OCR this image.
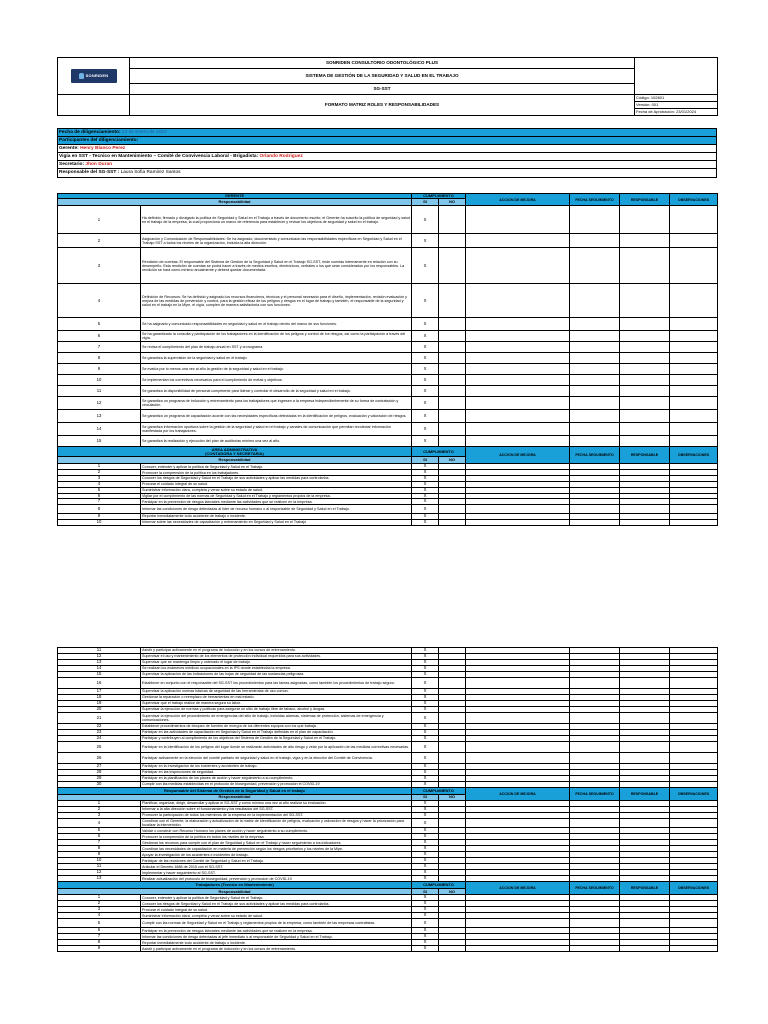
SONRIDEN	SONRIDEN CONSULTORIO ODONTOLÓGICO PLUS	
	SISTEMA DE GESTIÓN DE LA SEGURIDAD Y SALUD EN EL TRABAJO	
	SG-SST	
	FORMATO MATRIZ ROLES Y RESPONSABILIDADES	Código: 102601
		Versión: 001
		Fecha de Aprobación: 23/01/2024
Fecha de diligenciamiento: 23 de Enero de 2024
Participantes del diligenciamiento:
Gerente: Henry Blanco Perez
Vigía en SST - Tecnico en Mantenimiento – Comité de Convivencia Laboral - Brigadista: Orlando Rodriguez
Secretario: Jhon Duran
Responsable del SG-SST : Laura Sofia Ramirez Santos
GERENTE		CUMPLIMIENTO		ACCION DE MEJORA	FECHA SEGUIMIENTO	RESPONSABLE	OBSERVACIONES
Responsabilidad		SI	NO				
1	Ha definido, firmado y divulgado la política de Seguridad y Salud en el Trabajo a través de documento escrito, el Gerente ha suscrito la política de seguridad y salud en el trabajo de la empresa, la cual proporciona un marco de referencia para establecer y revisar los objetivos de seguridad y salud en el trabajo.	X					
2	Asignación y Comunicación de Responsabilidades: Se ha asignado, documentado y comunicado las responsabilidades específicas en Seguridad y Salud en el Trabajo SST a todos los niveles de la organización, incluida la alta dirección.	X					
3	Rendición de cuentas: El responsable del Sistema de Gestión de la Seguridad y Salud en el Trabajo SG-SST, rinde cuentas internamente en relación con su desempeño. Esta rendición de cuentas se podrá hacer a través de medios escritos, electrónicos, verbales o los que sean considerados por los responsables. La rendición se hará como mínimo anualmente y deberá quedar documentada.	X					
4	Definición de Recursos: Se ha definido y asignado los recursos financieros, técnicos y el personal necesario para el diseño, implementación, revisión evaluación y mejora de las medidas de prevención y control, para la gestión eficaz de los peligros y riesgos en el lugar de trabajo y también, el responsable de la seguridad y salud en el trabajo en la Mipe, el vigía, cumplen de manera satisfactoria con sus funciones.	X					
5	Se ha asignado y comunicado responsabilidades en seguridad y salud en el trabajo dentro del marco de sus funciones.	X					
6	Se ha garantizado la consulta y participación de los trabajadores en la identificación de los peligros y control de los riesgos, así como la participación a través del vigía.	X					
7	Se revisa el cumplimiento del plan de trabajo anual en SST y cronograma.	X					
8	Se garantiza la supervisión de la seguridad y salud en el trabajo.	X					
9	Se evalúa por lo menos una vez al año la gestión de la seguridad y salud en el trabajo.	X					
10	Se implementan los correctivos necesarios para el cumplimiento de metas y objetivos.	X					
11	Se garantiza la disponibilidad de personal competente para liderar y controlar el desarrollo de la seguridad y salud en el trabajo.	X					
12	Se garantiza un programa de inducción y entrenamiento para los trabajadores que ingresen a la empresa independientemente de su forma de contratación y vinculación.	X					
13	Se garantiza un programa de capacitación acorde con las necesidades específicas detectadas en la identificación de peligros, evaluación y valoración de riesgos.	X					
14	Se garantiza información oportuna sobre la gestión de la seguridad y salud en el trabajo y canales de comunicación que permitan recolectar información manifestada por los trabajadores.	X					
15	Se garantiza la realización y ejecución del plan de auditorías mínimo una vez al año.	X					

AREA ADMINISTRATIVA
(CONTADORA Y SECRETARIA)		CUMPLIMIENTO		ACCION DE MEJORA	FECHA SEGUIMIENTO	RESPONSABLE	OBSERVACIONES
Responsabilidad		SI	NO				
1	Conocer, entender y aplicar la política de Seguridad y Salud en el Trabajo.	X					
2	Promover la comprensión de la política en los trabajadores.	X					
3	Conocer los riesgos de Seguridad y Salud en el Trabajo de sus actividades y aplicar las medidas para controlarlos.	X					
4	Procurar el cuidado integral de su salud.	X					
5	Suministrar información clara, completa y veraz sobre su estado de salud.	X					
6	Vigilar por el cumplimiento de las normas de Seguridad y Salud en el Trabajo y reglamentos propios de la empresa.	X					
7	Participar en la prevención de riesgos laborales mediante las actividades que se realicen en la empresa.	X					
8	Informar las condiciones de riesgo detectadas al líder de recurso humano o al responsable de Seguridad y Salud en el Trabajo.	X					
9	Reportar inmediatamente todo accidente de trabajo o incidente.	X					
10	Informar sobre las necesidades de capacitación y entrenamiento en Seguridad y Salud en el Trabajo	X					
11	Asistir y participar activamente en el programa de inducción y en los cursos de entrenamiento.	X					
12	Supervisar el uso y mantenimiento de los elementos de protección individual requeridos para sus actividades.	X					
13	Supervisar que se mantenga limpio y ordenado el lugar de trabajo.	X					
14	Se realizan los exámenes médicos ocupacionales en la IPS donde establecida la empresa.	X					
15	Supervisar la aplicación de las indicaciones de las hojas de seguridad de las sustancias peligrosas.	X					
16	Establecer en conjunto con el responsable del SG-SST los procedimientos para las tareas asignadas, como también los procedimientos de trabajo seguro.	X					
17	Supervisar la aplicación normas básicas de seguridad de las herramientas de uso común.	X					
18	Gestionar la reparación o reemplazo de herramientas en mal estado.	X					
19	Supervisar que el trabajo realice de manera segura su labor.	X					
20	Supervisar la ejecución de normas y políticas para asegurar un sitio de trabajo libre de tabaco, alcohol y drogas.	X					
21	Supervisar la ejecución del procedimiento de emergencias del sitio de trabajo, incluidas alarmas, sistemas de protección, sistemas de emergencia y comunicaciones.	X					
22	Establecer procedimientos de bloqueo de fuentes de energía de los diferentes equipos con los que trabaja.	X					
23	Participar en las actividades de capacitación en Seguridad y Salud en el Trabajo definidas en el plan de capacitación.	X					
24	Participar y contribuyen al cumplimiento de los objetivos del Sistema de Gestión de la Seguridad y Salud en el Trabajo.	X					
25	Participar en la identificación de los peligros del lugar donde se realizarán actividades de alto riesgo y velar por la aplicación de las medidas correctivas necesarias.	X					
26	Participar activamente en la elección del comité paritario de seguridad y salud en el trabajo, vigía y en la elección del Comité de Convivencia.	X					
27	Participar en la investigación de los incidentes y accidentes de trabajo.	X					
28	Participar en las inspecciones de seguridad.	X					
29	Participar en la planificación de los planes de acción y hacer seguimiento a su cumplimiento.	X					
30	Cumplir con las medidas establecidas en el protocolo de bioseguridad, prevención y promoción el COVID-19	X					

Responsable del Sistema de Gestión de la Seguridad y Salud en el trabajo		CUMPLIMIENTO		ACCION DE MEJORA	FECHA SEGUIMIENTO	RESPONSABLE	OBSERVACIONES
Responsabilidad		SI	NO				
1	Planificar, organizar, dirigir, desarrollar y aplicar el SG-SST y como mínimo una vez al año realizar su evaluación.	X					
2	Informar a la alta dirección sobre el funcionamiento y los resultados del SG-SST.	X					
3	Promover la participación de todos los miembros de la empresa en la implementación del SG-SST.	X					
4	Coordinar con el Gerente, la elaboración y actualización de la matriz de identificación de peligros, evaluación y valoración de riesgos y hacer la priorización para focalizar la intervención.	X					
5	Validar o construir con Recurso Humano los planes de acción y hacer seguimiento a su cumplimiento.	X					
6	Promover la comprensión de la política en todos los niveles de la empresa.	X					
7	Gestionar los recursos para cumplir con el plan de Seguridad y Salud en el Trabajo y hacer seguimiento a los indicadores.	X					
8	Coordinar las necesidades de capacitación en materia de prevención según los riesgos prioritarios y los niveles de la Mipe.	X					
9	Apoyar la investigación de los accidentes e incidentes de trabajo.	X					
10	Participar de las reuniones del Comité de Seguridad y Salud en el Trabajo.	X					
11	Articular el Decreto 1886 de 2015 con el SG-SST.	X					
12	Implementar y hacer seguimiento al SG-SST.	X					
13	Realizar actualización del protocolo de bioseguridad, prevención y promocion de COVID-19	X					

Trabajadores (Tecnico en Mantenimiento)		CUMPLIMIENTO		ACCION DE MEJORA	FECHA SEGUIMIENTO	RESPONSABLE	OBSERVACIONES
Responsabilidad		SI	NO				
1	Conocer, entender y aplicar la política de Seguridad y Salud en el Trabajo.	X					
2	Conocer los riesgos de Seguridad y Salud en el Trabajo de sus actividades y aplicar las medidas para controlarlos.	X					
3	Procurar el cuidado integral de su salud.	X					
4	Suministrar información clara, completa y veraz sobre su estado de salud.	X					
5	Cumplir con las normas de Seguridad y Salud en el Trabajo y reglamentos propios de la empresa, como también de las empresas contratistas.	X					
6	Participar en la prevención de riesgos laborales mediante las actividades que se realicen en la empresa.	X					
7	Informar las condiciones de riesgo detectadas al jefe inmediato o al responsable de Seguridad y Salud en el Trabajo.	X					
8	Reportar inmediatamente todo accidente de trabajo o incidente.	X					
9	Asistir y participar activamente en el programa de inducción y en los cursos de entrenamiento.	X					
